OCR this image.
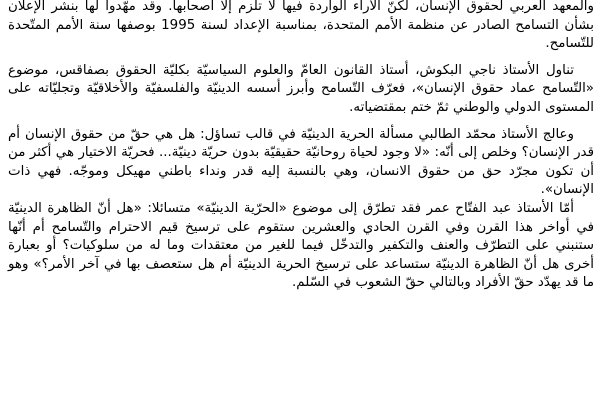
والمعهد العربي لحقوق الإنسان، لكنّ الآراء الواردة فيها لا تلزم إلاّ أصحابها. وقد مهّدوا لها بنشر الإعلان بشأن التسامح الصادر عن منظمة الأمم المتحدة، بمناسبة الإعداد لسنة 1995 بوصفها سنة الأمم المتّحدة للتّسامح.

تناول الأستاذ ناجي البكوش، أستاذ القانون العامّ والعلوم السياسيّة بكليّة الحقوق بصفاقس، موضوع «التّسامح عماد حقوق الإنسان»، فعرّف التّسامح وأبرز أسسه الدينيّة والفلسفيّة والأخلاقيّة وتجليّاته على المستوى الدولي والوطني ثمّ ختم بمقتضياته.

وعالج الأستاذ محمّد الطالبي مسألة الحرية الدينيّة في قالب تساؤل: هل هي حقّ من حقوق الإنسان أم قدر الإنسان؟ وخلص إلى أنّه: «لا وجود لحياة روحانيّة حقيقيّة بدون حريّة دينيّة... فحريّة الاختيار هي أكثر من أن تكون مجرّد حق من حقوق الانسان، وهي بالنسبة إليه قدر ونداء باطني مهيكل وموجّه. فهي ذات الإنسان».

أمّا الأستاذ عبد الفتّاح عمر فقد تطرّق إلى موضوع «الحرّية الدينيّة» متسائلا: «هل أنّ الظاهرة الدينيّة في أواخر هذا القرن وفي القرن الحادي والعشرين ستقوم على ترسيخ قيم الاحترام والتّسامح أم أنّها ستنبني على التطرّف والعنف والتكفير والتدخّل فيما للغير من معتقدات وما له من سلوكيات؟ أو بعبارة أخرى هل أنّ الظاهرة الدينيّة ستساعد على ترسيخ الحرية الدينيّة أم هل ستعصف بها في آخر الأمر؟» وهو ما قد يهدّد حقّ الأفراد وبالتالي حقّ الشعوب في السّلم.
